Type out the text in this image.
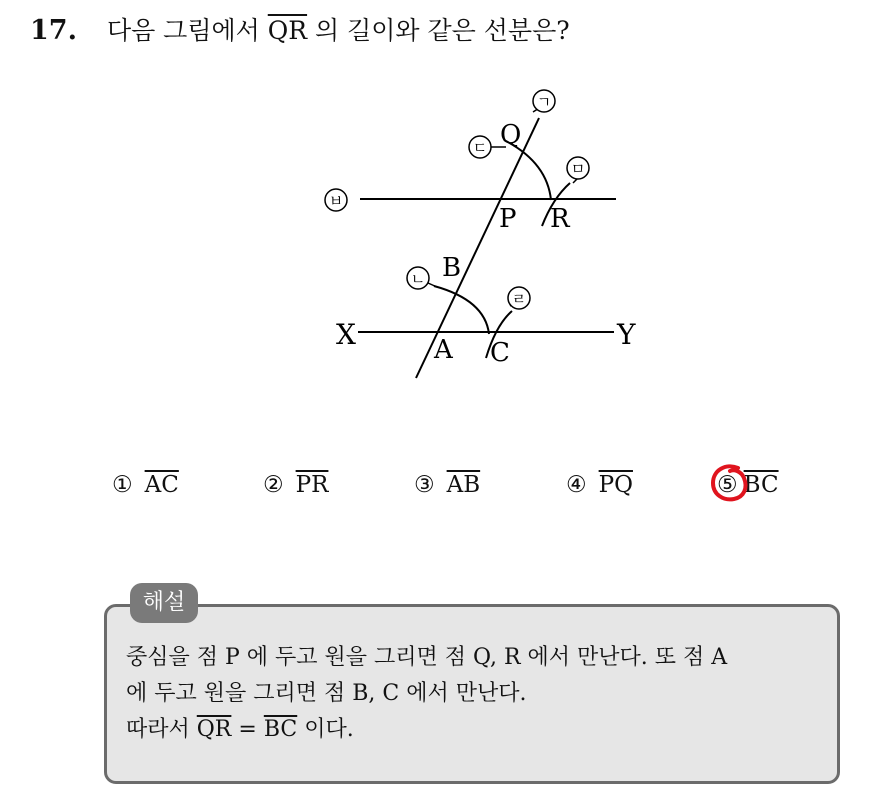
17. 다음 그림에서 $\overline{QR}$ 의 길이와 같은 선분은?
Q
P R
B
A C
X	Y
ㄱ
ㄷ
ㅁ
ㅂ
ㄴ
ㄹ
① $\overline{AC}$	② $\overline{PR}$	③ $\overline{AB}$	④ $\overline{PQ}$	⑤ $\overline{BC}$
해설
중심을 점 P 에 두고 원을 그리면 점 Q, R 에서 만난다. 또 점 A
에 두고 원을 그리면 점 B, C 에서 만난다.
따라서 $\overline{QR} = \overline{BC}$ 이다.
